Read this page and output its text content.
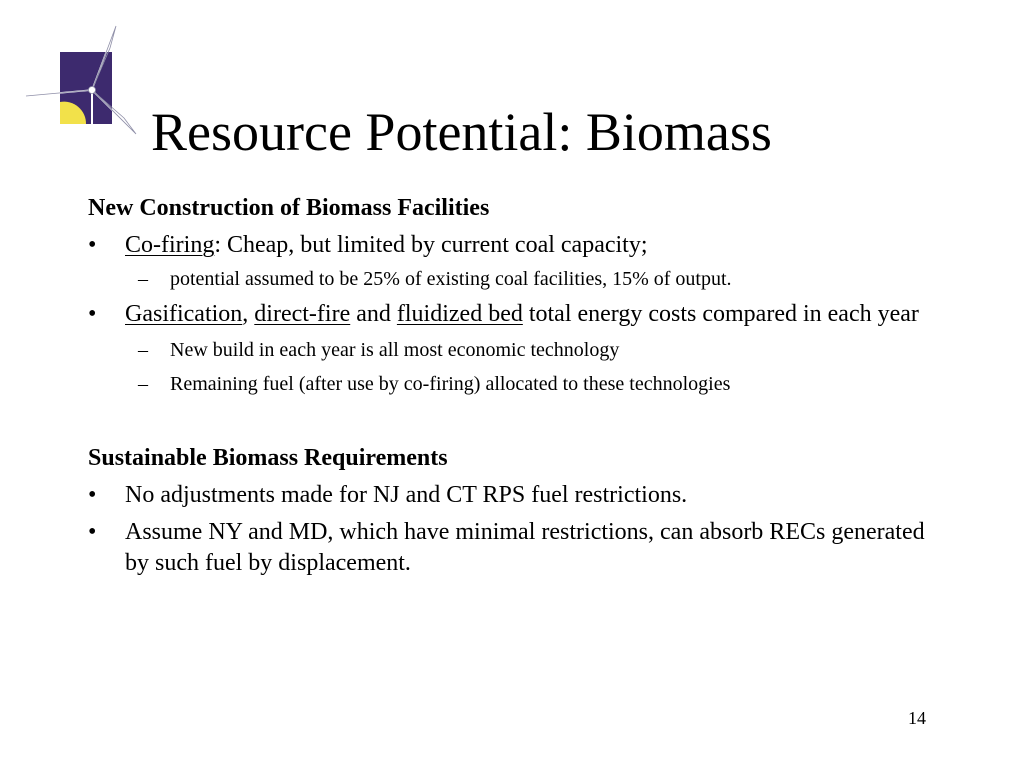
Resource Potential: Biomass

New Construction of Biomass Facilities

• Co-firing: Cheap, but limited by current coal capacity;
– potential assumed to be 25% of existing coal facilities, 15% of output.
• Gasification, direct-fire and fluidized bed total energy costs compared in each year
– New build in each year is all most economic technology
– Remaining fuel (after use by co-firing) allocated to these technologies

Sustainable Biomass Requirements

• No adjustments made for NJ and CT RPS fuel restrictions.
• Assume NY and MD, which have minimal restrictions, can absorb RECs generated by such fuel by displacement.
14
